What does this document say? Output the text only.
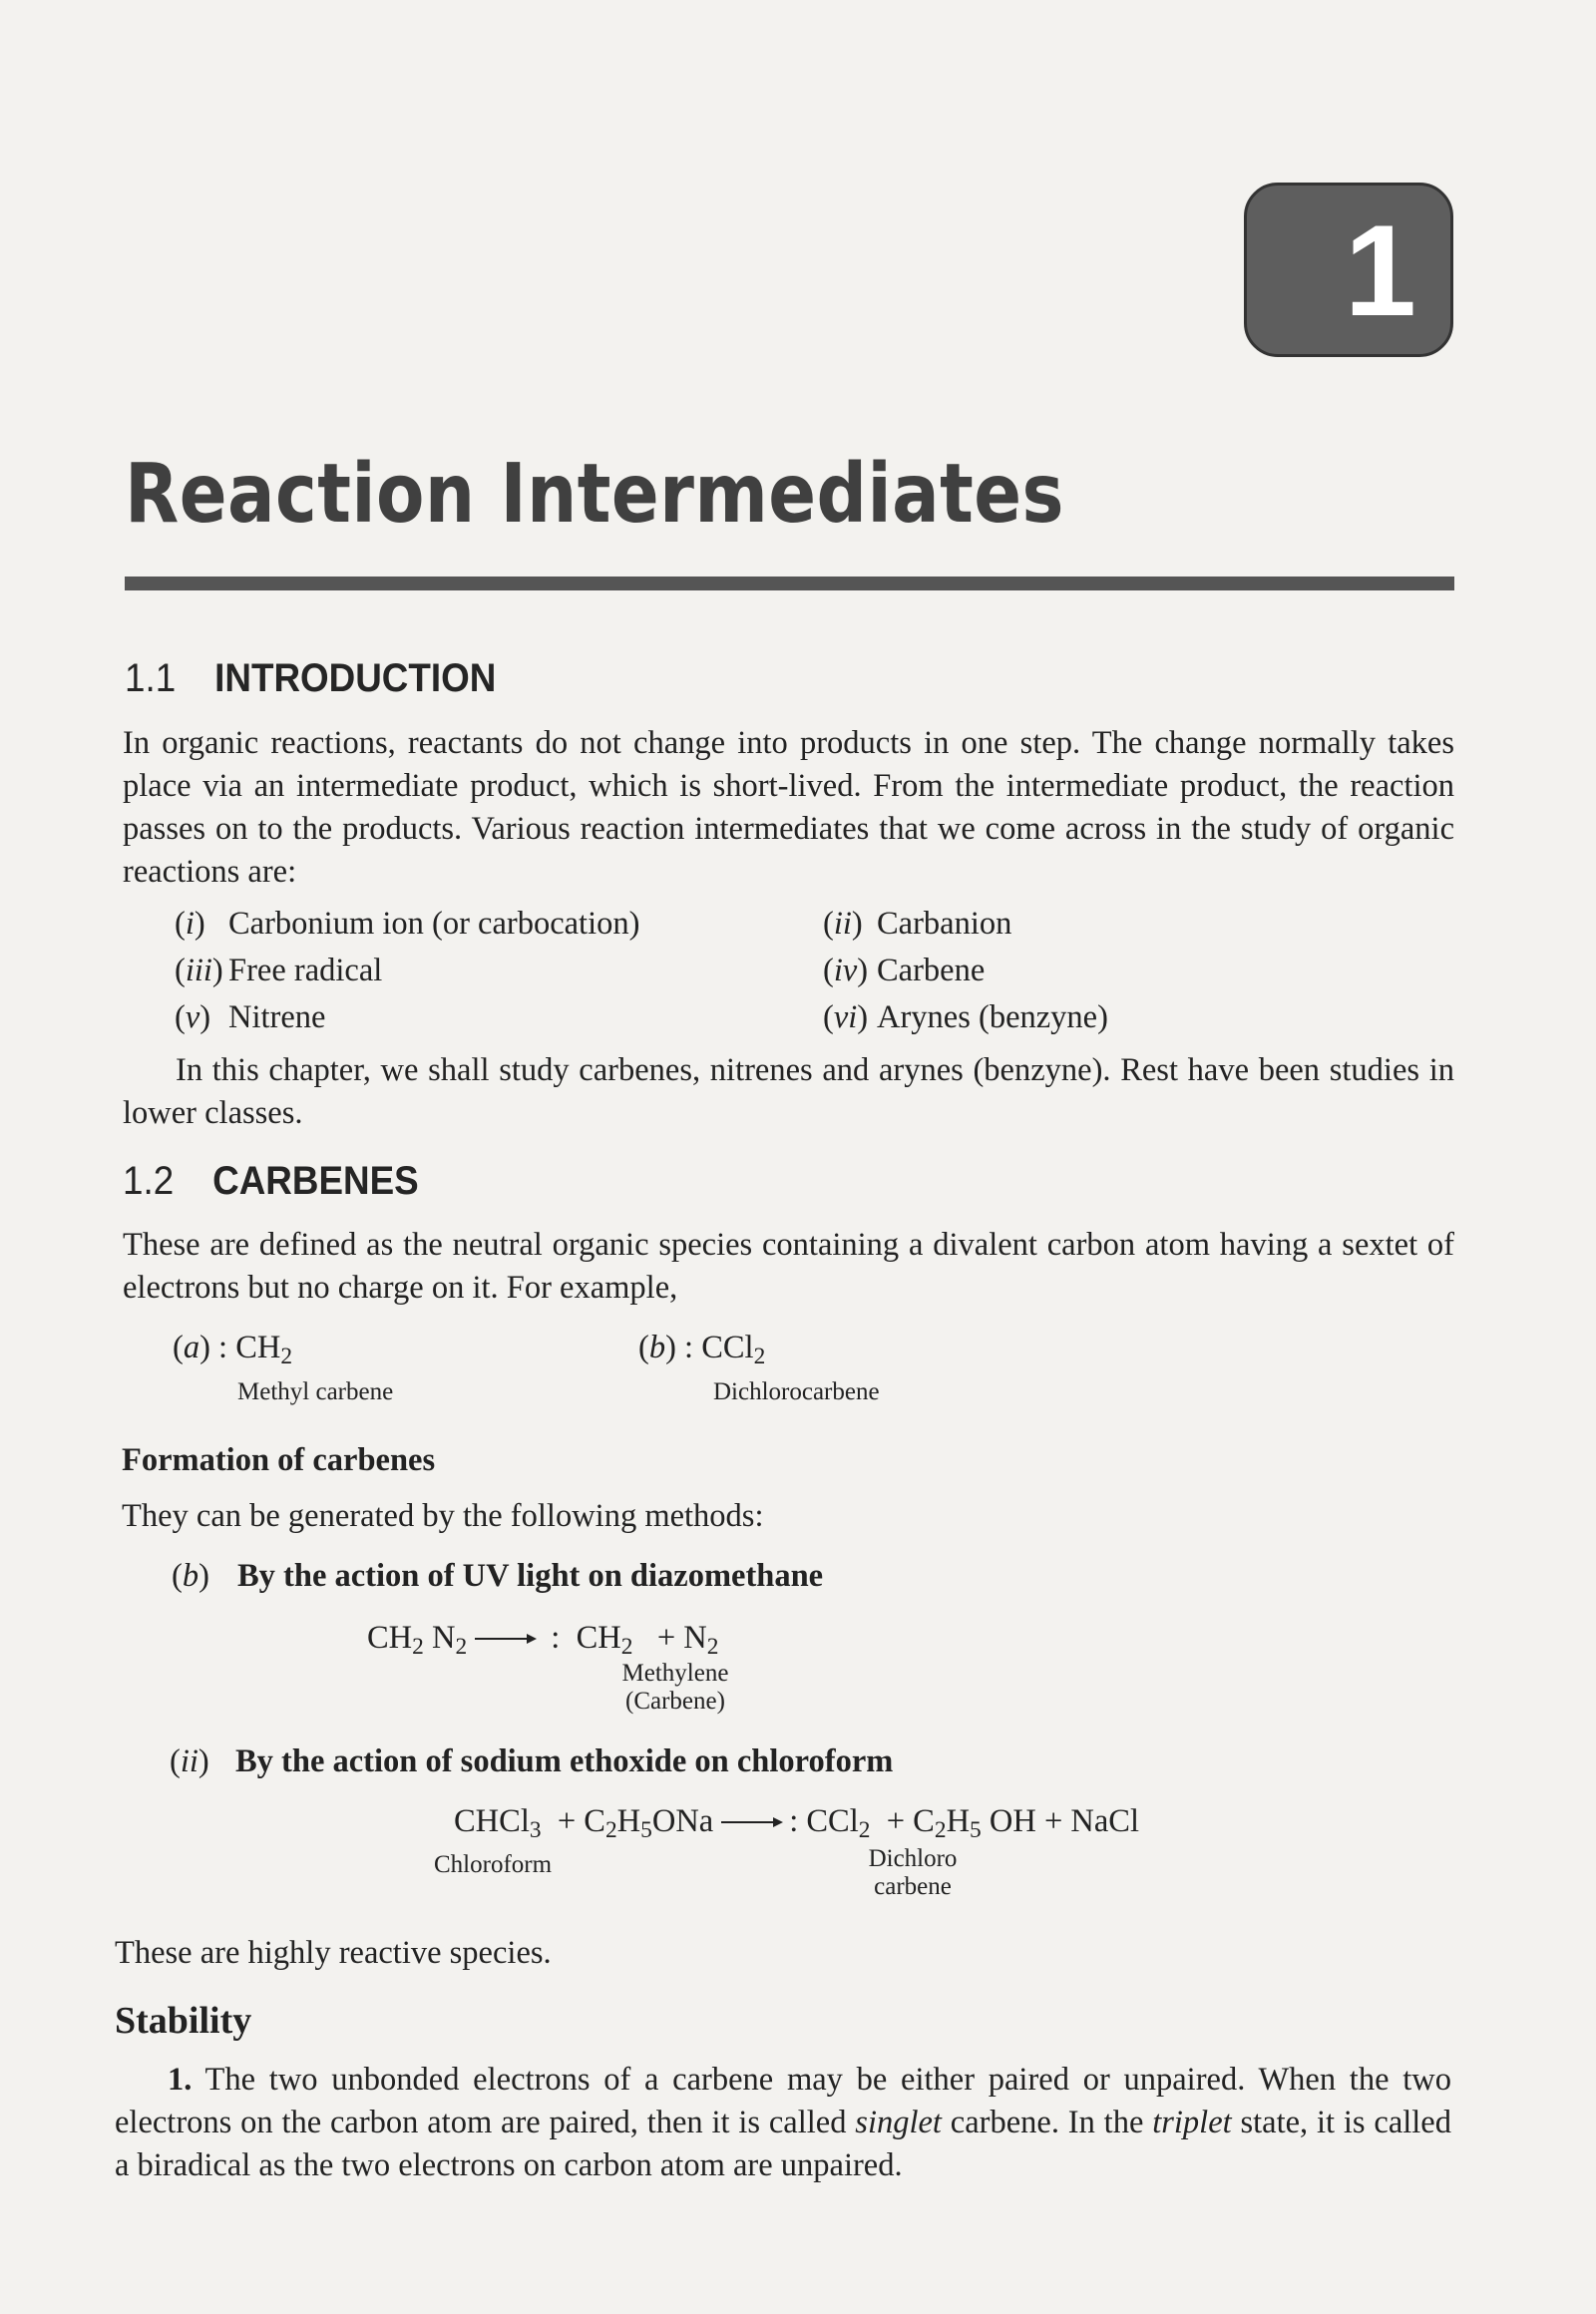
1
Reaction Intermediates
1.1 INTRODUCTION
In organic reactions, reactants do not change into products in one step. The change normally takes place via an intermediate product, which is short-lived. From the intermediate product, the reaction passes on to the products. Various reaction intermediates that we come across in the study of organic reactions are:
(i) Carbonium ion (or carbocation)	(ii) Carbanion
(iii) Free radical	(iv) Carbene
(v) Nitrene	(vi) Arynes (benzyne)
In this chapter, we shall study carbenes, nitrenes and arynes (benzyne). Rest have been studies in lower classes.
1.2 CARBENES
These are defined as the neutral organic species containing a divalent carbon atom having a sextet of electrons but no charge on it. For example,
(a) : $CH_2$
Methyl carbene
(b) : CCl$_2$
Dichlorocarbene
Formation of carbenes
They can be generated by the following methods:
(b) By the action of UV light on diazomethane
$CH_2$ $N_2$ → :  $CH_2 + N_2$
Methylene
(Carbene)
(ii) By the action of sodium ethoxide on chloroform
CHCl$_3$  + $C_2H_5ONa$ → : $CCl_2 + C_2H_5$ OH + NaCl
Chloroform	Dichloro
carbene
These are highly reactive species.
Stability
1. The two unbonded electrons of a carbene may be either paired or unpaired. When the two electrons on the carbon atom are paired, then it is called singlet carbene. In the triplet state, it is called a biradical as the two electrons on carbon atom are unpaired.
